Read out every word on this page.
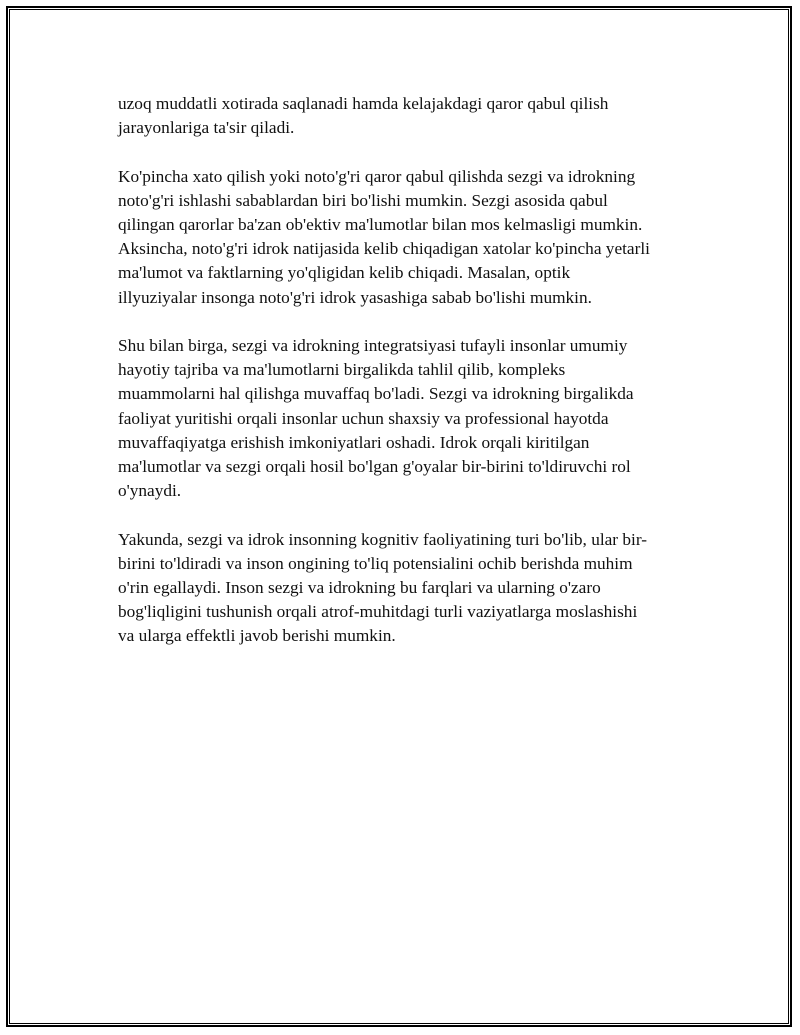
uzoq muddatli xotirada saqlanadi hamda kelajakdagi qaror qabul qilish
jarayonlariga ta'sir qiladi.

Ko'pincha xato qilish yoki noto'g'ri qaror qabul qilishda sezgi va idrokning
noto'g'ri ishlashi sabablardan biri bo'lishi mumkin. Sezgi asosida qabul
qilingan qarorlar ba'zan ob'ektiv ma'lumotlar bilan mos kelmasligi mumkin.
Aksincha, noto'g'ri idrok natijasida kelib chiqadigan xatolar ko'pincha yetarli
ma'lumot va faktlarning yo'qligidan kelib chiqadi. Masalan, optik
illyuziyalar insonga noto'g'ri idrok yasashiga sabab bo'lishi mumkin.

Shu bilan birga, sezgi va idrokning integratsiyasi tufayli insonlar umumiy
hayotiy tajriba va ma'lumotlarni birgalikda tahlil qilib, kompleks
muammolarni hal qilishga muvaffaq bo'ladi. Sezgi va idrokning birgalikda
faoliyat yuritishi orqali insonlar uchun shaxsiy va professional hayotda
muvaffaqiyatga erishish imkoniyatlari oshadi. Idrok orqali kiritilgan
ma'lumotlar va sezgi orqali hosil bo'lgan g'oyalar bir-birini to'ldiruvchi rol
o'ynaydi.

Yakunda, sezgi va idrok insonning kognitiv faoliyatining turi bo'lib, ular bir-
birini to'ldiradi va inson ongining to'liq potensialini ochib berishda muhim
o'rin egallaydi. Inson sezgi va idrokning bu farqlari va ularning o'zaro
bog'liqligini tushunish orqali atrof-muhitdagi turli vaziyatlarga moslashishi
va ularga effektli javob berishi mumkin.
